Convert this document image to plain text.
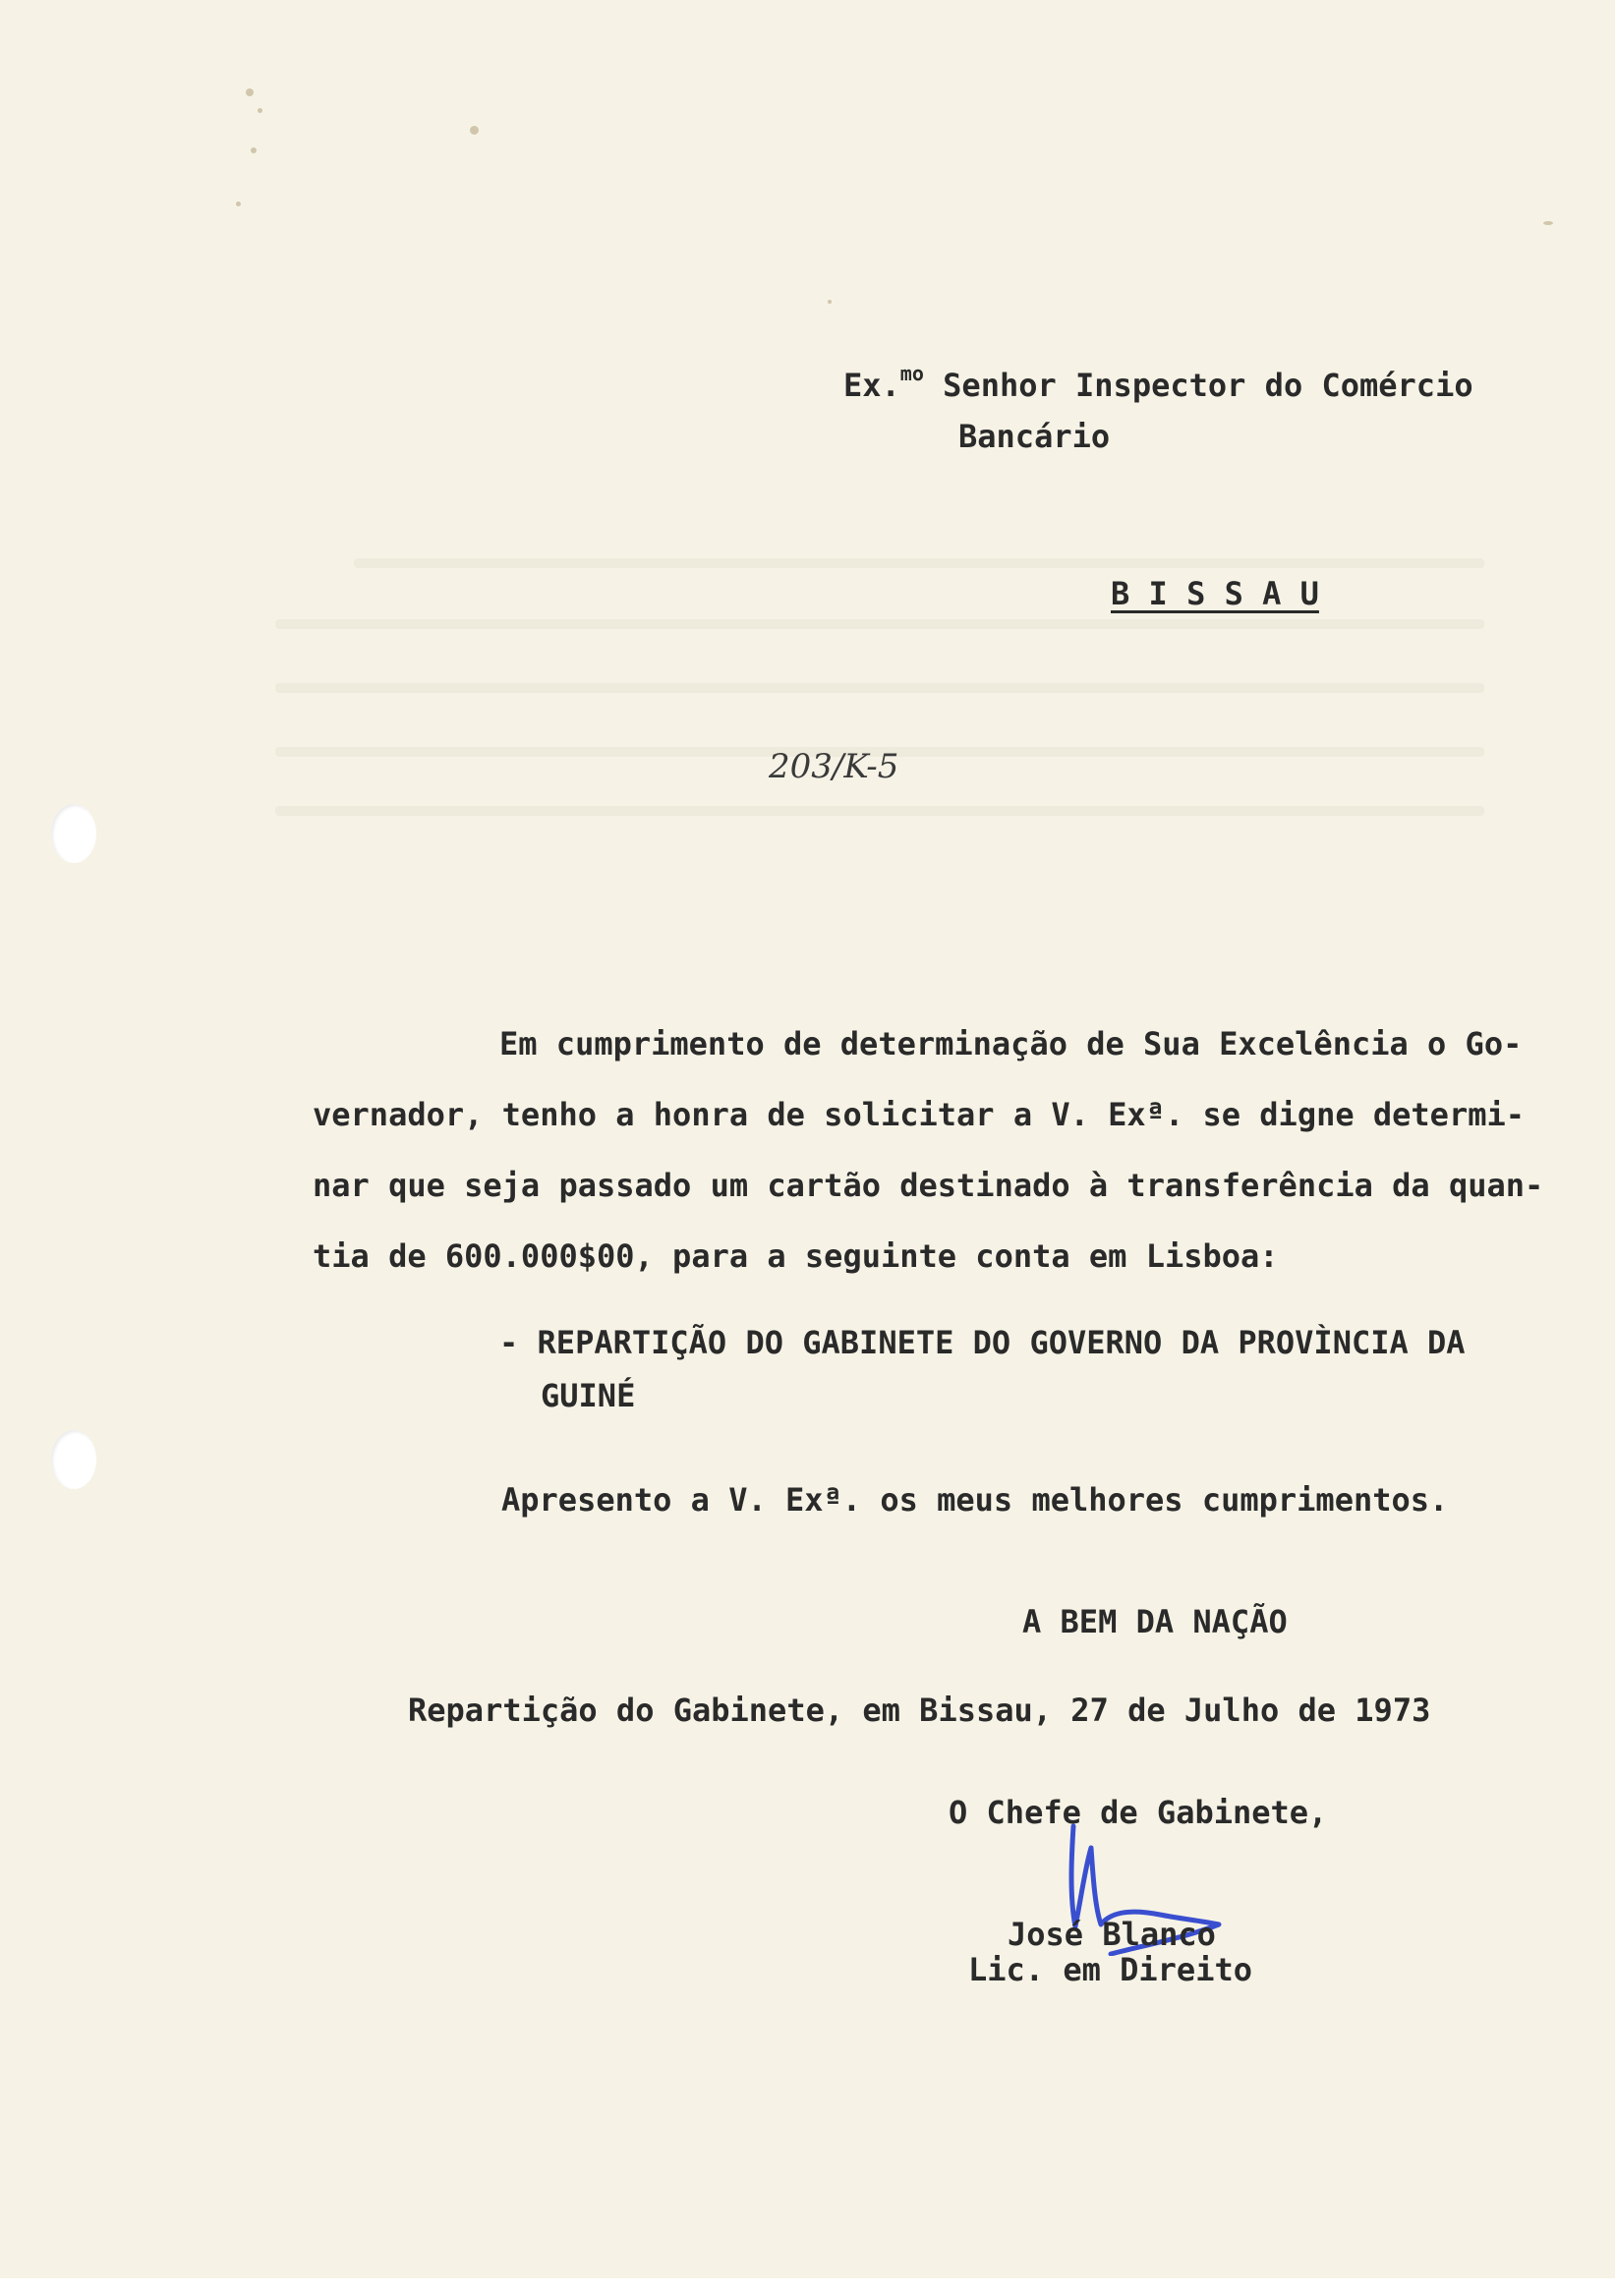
Ex.$^{mo}$ Senhor Inspector do Comércio
Bancário
B I S S A U
203/K-5
Em cumprimento de determinação de Sua Excelência o Go-
vernador, tenho a honra de solicitar a V. Exª. se digne determi-
nar que seja passado um cartão destinado à transferência da quan-
tia de 600.000$00, para a seguinte conta em Lisboa:
- REPARTIÇÃO DO GABINETE DO GOVERNO DA PROVÌNCIA DA
GUINÉ
Apresento a V. Exª. os meus melhores cumprimentos.
A BEM DA NAÇÃO
Repartição do Gabinete, em Bissau, 27 de Julho de 1973
O Chefe de Gabinete,
José Blanco
Lic. em Direito
